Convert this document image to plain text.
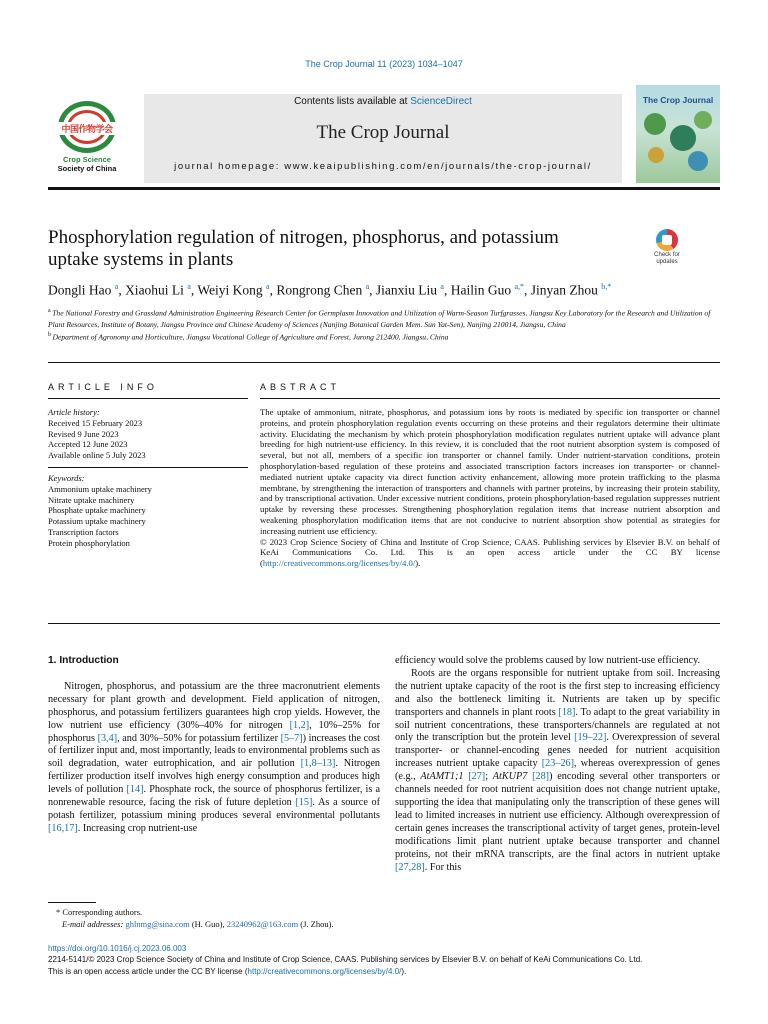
The Crop Journal 11 (2023) 1034–1047
中国作物学会
Crop Science
Society of China
Contents lists available at ScienceDirect
The Crop Journal
journal homepage: www.keaipublishing.com/en/journals/the-crop-journal/
The Crop Journal
Phosphorylation regulation of nitrogen, phosphorus, and potassium uptake systems in plants	Check for updates
Dongli Hao $^a$, Xiaohui Li $^a$, Weiyi Kong $^a$, Rongrong Chen $^a$, Jianxiu Liu $^a$, Hailin Guo $^{a,*}$, Jinyan Zhou $^{b,*}$
$^a$  The National Forestry and Grassland Administration Engineering Research Center for Germplasm Innovation and Utilization of Warm-Season Turfgrasses, Jiangsu Key Laboratory for the Research and Utilization of Plant Resources, Institute of Botany, Jiangsu Province and Chinese Academy of Sciences (Nanjing Botanical Garden Mem. Sun Yat-Sen), Nanjing 210014, Jiangsu, China
$^b$  Department of Agronomy and Horticulture, Jiangsu Vocational College of Agriculture and Forest, Jurong 212400, Jiangsu, China
ARTICLE INFO	ABSTRACT
Article history:
Received 15 February 2023
Revised 9 June 2023
Accepted 12 June 2023
Available online 5 July 2023
Keywords:
Ammonium uptake machinery
Nitrate uptake machinery
Phosphate uptake machinery
Potassium uptake machinery
Transcription factors
Protein phosphorylation

The uptake of ammonium, nitrate, phosphorus, and potassium ions by roots is mediated by specific ion transporter or channel proteins, and protein phosphorylation regulation events occurring on these proteins and their regulators determine their ultimate activity. Elucidating the mechanism by which protein phosphorylation modification regulates nutrient uptake will advance plant breeding for high nutrient-use efficiency. In this review, it is concluded that the root nutrient absorption system is composed of several, but not all, members of a specific ion transporter or channel family. Under nutrient-starvation conditions, protein phosphorylation-based regulation of these proteins and associated transcription factors increases ion transporter- or channel-mediated nutrient uptake capacity via direct function activity enhancement, allowing more protein trafficking to the plasma membrane, by strengthening the interaction of transporters and channels with partner proteins, by increasing their protein stability, and by transcriptional activation. Under excessive nutrient conditions, protein phosphorylation-based regulation suppresses nutrient uptake by reversing these processes. Strengthening phosphorylation regulation items that increase nutrient absorption and weakening phosphorylation modification items that are not conducive to nutrient absorption show potential as strategies for increasing nutrient use efficiency.

© 2023 Crop Science Society of China and Institute of Crop Science, CAAS. Publishing services by Elsevier B.V. on behalf of KeAi Communications Co. Ltd. This is an open access article under the CC BY license (http://creativecommons.org/licenses/by/4.0/).

1. Introduction

Nitrogen, phosphorus, and potassium are the three macronutrient elements necessary for plant growth and development. Field application of nitrogen, phosphorus, and potassium fertilizers guarantees high crop yields. However, the low nutrient use efficiency (30%–40% for nitrogen [1,2], 10%–25% for phosphorus [3,4], and 30%–50% for potassium fertilizer [5–7]) increases the cost of fertilizer input and, most importantly, leads to environmental problems such as soil degradation, water eutrophication, and air pollution [1,8–13]. Nitrogen fertilizer production itself involves high energy consumption and produces high levels of pollution [14]. Phosphate rock, the source of phosphorus fertilizer, is a nonrenewable resource, facing the risk of future depletion [15]. As a source of potash fertilizer, potassium mining produces several environmental pollutants [16,17]. Increasing crop nutrient-use

efficiency would solve the problems caused by low nutrient-use efficiency.

Roots are the organs responsible for nutrient uptake from soil. Increasing the nutrient uptake capacity of the root is the first step to increasing efficiency and also the bottleneck limiting it. Nutrients are taken up by specific transporters and channels in plant roots [18]. To adapt to the great variability in soil nutrient concentrations, these transporters/channels are regulated at not only the transcription but the protein level [19–22]. Overexpression of several transporter- or channel-encoding genes needed for nutrient acquisition increases nutrient uptake capacity [23–26], whereas overexpression of genes (e.g., AtAMT1;1 [27]; AtKUP7 [28]) encoding several other transporters or channels needed for root nutrient acquisition does not change nutrient uptake, supporting the idea that manipulating only the transcription of these genes will lead to limited increases in nutrient use efficiency. Although overexpression of certain genes increases the transcriptional activity of target genes, protein-level modifications limit plant nutrient uptake because transporter and channel proteins, not their mRNA transcripts, are the final actors in nutrient uptake [27,28]. For this

* Corresponding authors.
E-mail addresses: ghlnmg@sina.com (H. Guo), 23240962@163.com (J. Zhou).
https://doi.org/10.1016/j.cj.2023.06.003
2214-5141/© 2023 Crop Science Society of China and Institute of Crop Science, CAAS. Publishing services by Elsevier B.V. on behalf of KeAi Communications Co. Ltd.
This is an open access article under the CC BY license (http://creativecommons.org/licenses/by/4.0/).
